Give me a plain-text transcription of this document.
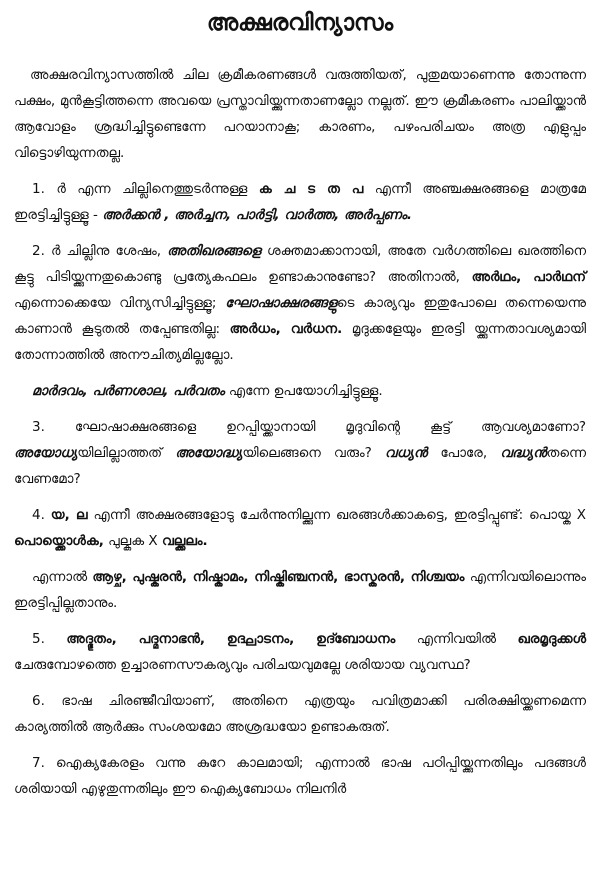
അക്ഷരവിന്യാസം

അക്ഷരവിന്യാസത്തിൽ ചില ക്രമീകരണങ്ങൾ വരുത്തിയത്, പുതുമയാണെന്നു തോന്നുന്ന പക്ഷം, മുൻകൂട്ടിത്തന്നെ അവയെ പ്രസ്താവിയ്ക്കുന്നതാണല്ലോ നല്ലത്. ഈ ക്രമീകരണം പാലിയ്ക്കാൻ ആവോളം ശ്രദ്ധിച്ചിട്ടുണ്ടെന്നേ പറയാനാകൂ; കാരണം, പഴംപരിചയം അത്ര എളുപ്പം വിട്ടൊഴിയുന്നതല്ല.

1. ർ എന്ന ചില്ലിനെത്തുടർന്നുള്ള ക ച ട ത പ എന്നീ അഞ്ചക്ഷരങ്ങളെ മാത്രമേ ഇരട്ടിച്ചിട്ടുള്ളൂ - അർക്കൻ , അർച്ചന, പാർട്ടി, വാർത്ത, അർപ്പണം.

2. ർ ചില്ലിനു ശേഷം, അതിഖരങ്ങളെ ശക്തമാക്കാനായി, അതേ വർഗത്തിലെ ഖരത്തിനെ കൂട്ടു പിടിയ്ക്കുന്നതുകൊണ്ടു പ്രത്യേകഫലം ഉണ്ടാകാനുണ്ടോ? അതിനാൽ, അർഥം, പാർഥന് എന്നൊക്കെയേ വിന്യസിച്ചിട്ടുള്ളൂ; ഘോഷാക്ഷരങ്ങളുടെ കാര്യവും ഇതുപോലെ തന്നെയെന്നു കാണാൻ കൂടുതൽ തപ്പേണ്ടതില്ല: അർധം, വർധന. മൃദുക്കളേയും ഇരട്ടി യ്ക്കുന്നതാവശ്യമായി തോന്നാത്തിൽ അനൗചിത്യമില്ലല്ലോ.

മാർദവം, പർണശാല, പർവതം എന്നേ ഉപയോഗിച്ചിട്ടുള്ളൂ.

3. ഘോഷാക്ഷരങ്ങളെ ഉറപ്പിയ്ക്കാനായി മൃദുവിന്റെ കൂട്ട് ആവശ്യമാണോ? അയോധ്യയിലില്ലാത്തത് അയോദ്ധ്യയിലെങ്ങനെ വരും? വധ്യൻ പോരേ, വദ്ധ്യൻതന്നെ വേണമോ?

4. യ, ല എന്നീ അക്ഷരങ്ങളോടു ചേർന്നുനില്ക്കുന്ന ഖരങ്ങൾക്കാകട്ടെ, ഇരട്ടിപ്പുണ്ട്: പൊയ്ക X പൊയ്ക്കൊൾക, പുല്കുക X വല്ക്കലം.

എന്നാൽ ആഴ്ച, പുഷ്കരൻ, നിഷ്കാമം, നിഷ്കിഞ്ചനൻ, ഭാസ്കരൻ, നിശ്ചയം എന്നിവയിലൊന്നും ഇരട്ടിപ്പില്ലതാനും.

5. അദ്ഭുതം, പദ്മനാഭൻ, ഉദ്ഘാടനം, ഉദ്ബോധനം എന്നിവയിൽ ഖരമൃദുക്കൾ ചേരുമ്പോഴത്തെ ഉച്ചാരണസൗകര്യവും പരിചയവുമല്ലേ ശരിയായ വ്യവസ്ഥ?

6. ഭാഷ ചിരഞ്ജീവിയാണ്, അതിനെ എത്രയും പവിത്രമാക്കി പരിരക്ഷിയ്ക്കണമെന്ന കാര്യത്തിൽ ആർക്കും സംശയമോ അശ്രദ്ധയോ ഉണ്ടാകരുത്.

7. ഐക്യകേരളം വന്നു കുറേ കാലമായി; എന്നാൽ ഭാഷ പഠിപ്പിയ്ക്കുന്നതിലും പദങ്ങൾ ശരിയായി എഴുതുന്നതിലും ഈ ഐക്യബോധം നിലനിർ
